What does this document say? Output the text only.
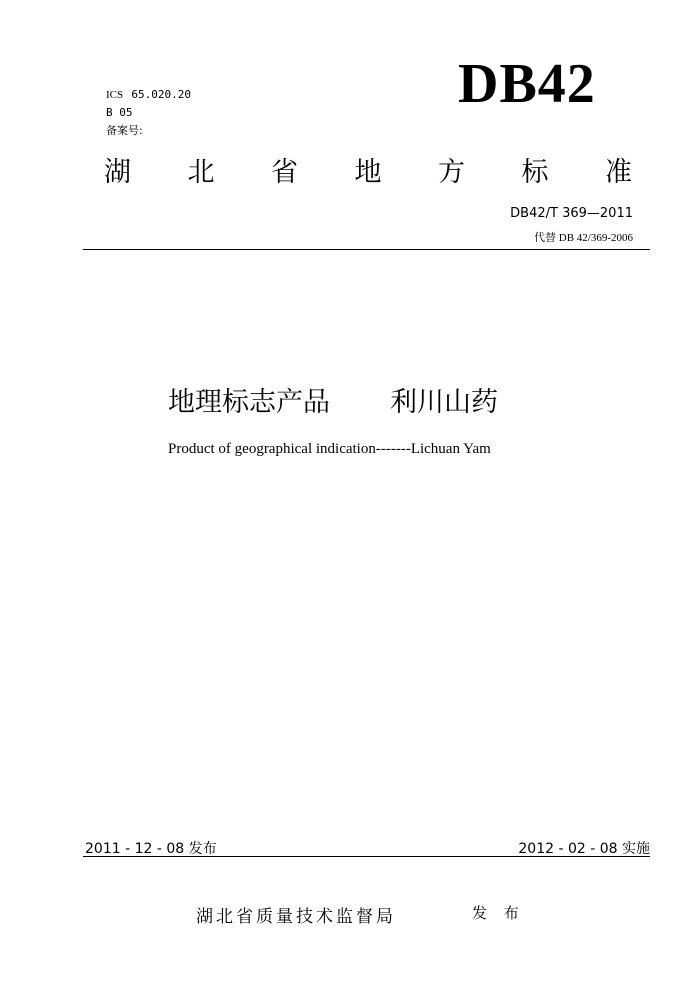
ICS 65.020.20
B 05
备案号:
DB42
湖 北 省 地 方 标 准
DB42/T 369—2011
代替 DB 42/369-2006
地理标志产品 利川山药
Product of geographical indication-------Lichuan Yam
2011 - 12 - 08 发布	2012 - 02 - 08 实施
湖北省质量技术监督局	发 布
